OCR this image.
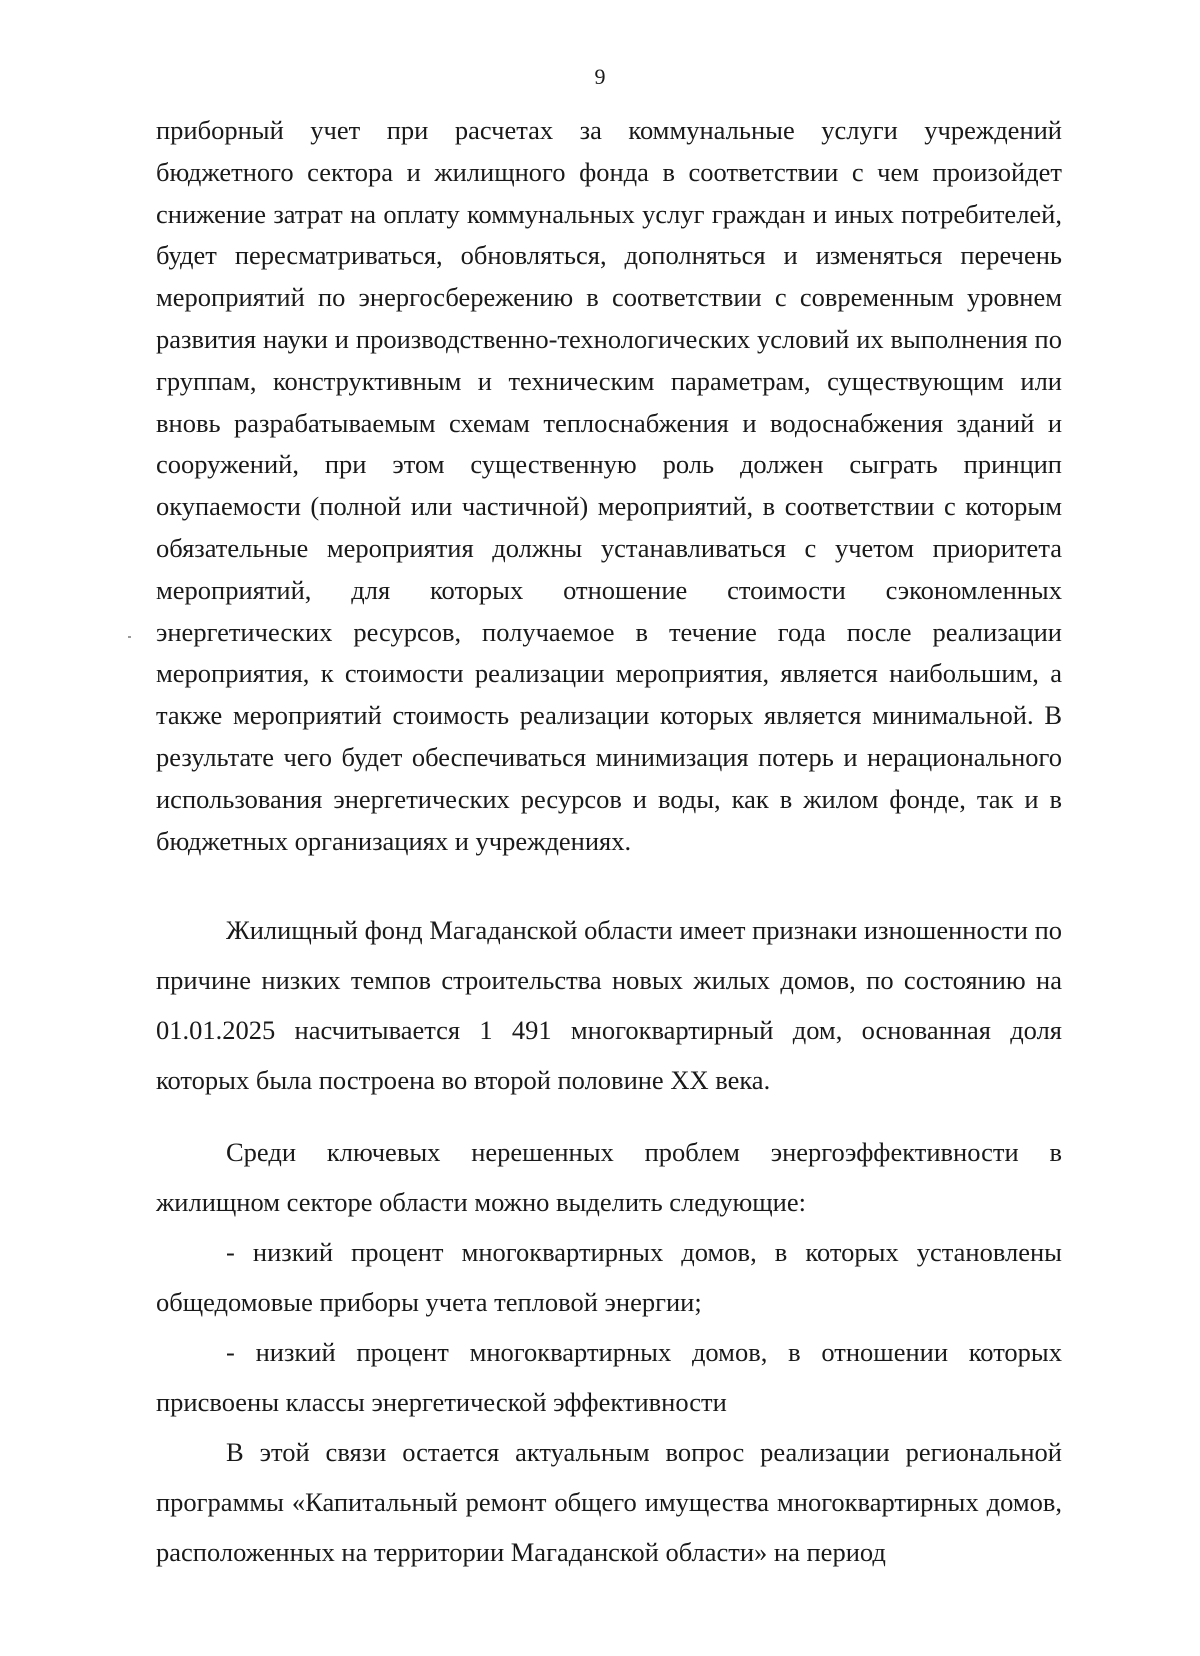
9

приборный учет при расчетах за коммунальные услуги учреждений бюджетного сектора и жилищного фонда в соответствии с чем произойдет снижение затрат на оплату коммунальных услуг граждан и иных потребителей, будет пересматриваться, обновляться, дополняться и изменяться перечень мероприятий по энергосбережению в соответствии с современным уровнем развития науки и производственно-технологических условий их выполнения по группам, конструктивным и техническим параметрам, существующим или вновь разрабатываемым схемам теплоснабжения и водоснабжения зданий и сооружений, при этом существенную роль должен сыграть принцип окупаемости (полной или частичной) мероприятий, в соответствии с которым обязательные мероприятия должны устанавливаться с учетом приоритета мероприятий, для которых отношение стоимости сэкономленных энергетических ресурсов, получаемое в течение года после реализации мероприятия, к стоимости реализации мероприятия, является наибольшим, а также мероприятий стоимость реализации которых является минимальной. В результате чего будет обеспечиваться минимизация потерь и нерационального использования энергетических ресурсов и воды, как в жилом фонде, так и в бюджетных организациях и учреждениях.

Жилищный фонд Магаданской области имеет признаки изношенности по причине низких темпов строительства новых жилых домов, по состоянию на 01.01.2025 насчитывается 1 491 многоквартирный дом, основанная доля которых была построена во второй половине XX века.

Среди ключевых нерешенных проблем энергоэффективности в жилищном секторе области можно выделить следующие:

- низкий процент многоквартирных домов, в которых установлены общедомовые приборы учета тепловой энергии;

- низкий процент многоквартирных домов, в отношении которых присвоены классы энергетической эффективности

В этой связи остается актуальным вопрос реализации региональной программы «Капитальный ремонт общего имущества многоквартирных домов, расположенных на территории Магаданской области» на период
